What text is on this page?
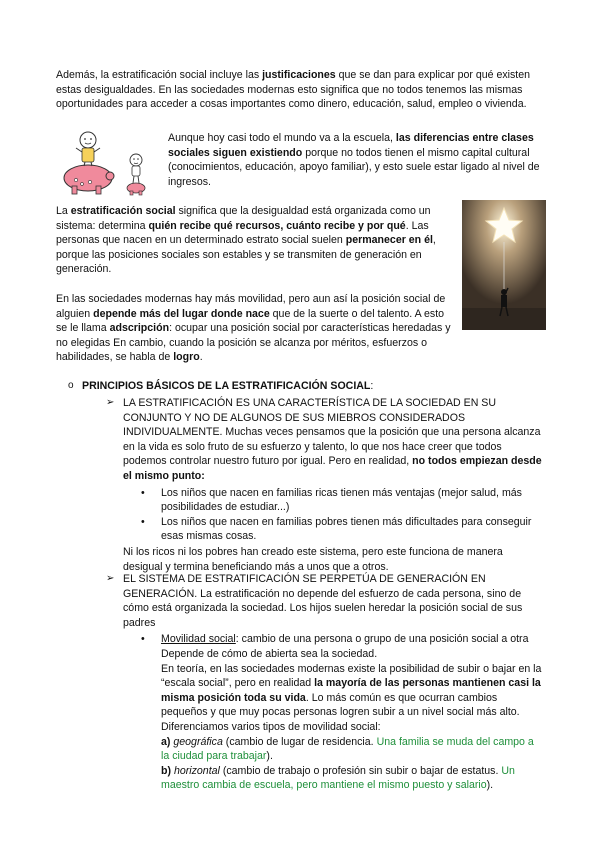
Además, la estratificación social incluye las justificaciones que se dan para explicar por qué existen estas desigualdades. En las sociedades modernas esto significa que no todos tenemos las mismas oportunidades para acceder a cosas importantes como dinero, educación, salud, empleo o vivienda.

Aunque hoy casi todo el mundo va a la escuela, las diferencias entre clases sociales siguen existiendo porque no todos tienen el mismo capital cultural (conocimientos, educación, apoyo familiar), y esto suele estar ligado al nivel de ingresos.

La estratificación social significa que la desigualdad está organizada como un sistema: determina quién recibe qué recursos, cuánto recibe y por qué. Las personas que nacen en un determinado estrato social suelen permanecer en él, porque las posiciones sociales son estables y se transmiten de generación en generación.

En las sociedades modernas hay más movilidad, pero aun así la posición social de alguien depende más del lugar donde nace que de la suerte o del talento. A esto se le llama adscripción: ocupar una posición social por características heredadas y no elegidas En cambio, cuando la posición se alcanza por méritos, esfuerzos o habilidades, se habla de logro.

o PRINCIPIOS BÁSICOS DE LA ESTRATIFICACIÓN SOCIAL:

➢ LA ESTRATIFICACIÓN ES UNA CARACTERÍSTICA DE LA SOCIEDAD EN SU CONJUNTO Y NO DE ALGUNOS DE SUS MIEBROS CONSIDERADOS INDIVIDUALMENTE. Muchas veces pensamos que la posición que una persona alcanza en la vida es solo fruto de su esfuerzo y talento, lo que nos hace creer que todos podemos controlar nuestro futuro por igual. Pero en realidad, no todos empiezan desde el mismo punto:

• Los niños que nacen en familias ricas tienen más ventajas (mejor salud, más posibilidades de estudiar...)
• Los niños que nacen en familias pobres tienen más dificultades para conseguir esas mismas cosas.

Ni los ricos ni los pobres han creado este sistema, pero este funciona de manera desigual y termina beneficiando más a unos que a otros.

➢ EL SISTEMA DE ESTRATIFICACIÓN SE PERPETÚA DE GENERACIÓN EN GENERACIÓN. La estratificación no depende del esfuerzo de cada persona, sino de cómo está organizada la sociedad. Los hijos suelen heredar la posición social de sus padres

Movilidad social: cambio de una persona o grupo de una posición social a otra Depende de cómo de abierta sea la sociedad.

En teoría, en las sociedades modernas existe la posibilidad de subir o bajar en la “escala social”, pero en realidad la mayoría de las personas mantienen casi la misma posición toda su vida. Lo más común es que ocurran cambios pequeños y que muy pocas personas logren subir a un nivel social más alto.

Diferenciamos varios tipos de movilidad social:

a) geográfica (cambio de lugar de residencia. Una familia se muda del campo a la ciudad para trabajar).

b) horizontal (cambio de trabajo o profesión sin subir o bajar de estatus. Un maestro cambia de escuela, pero mantiene el mismo puesto y salario).
